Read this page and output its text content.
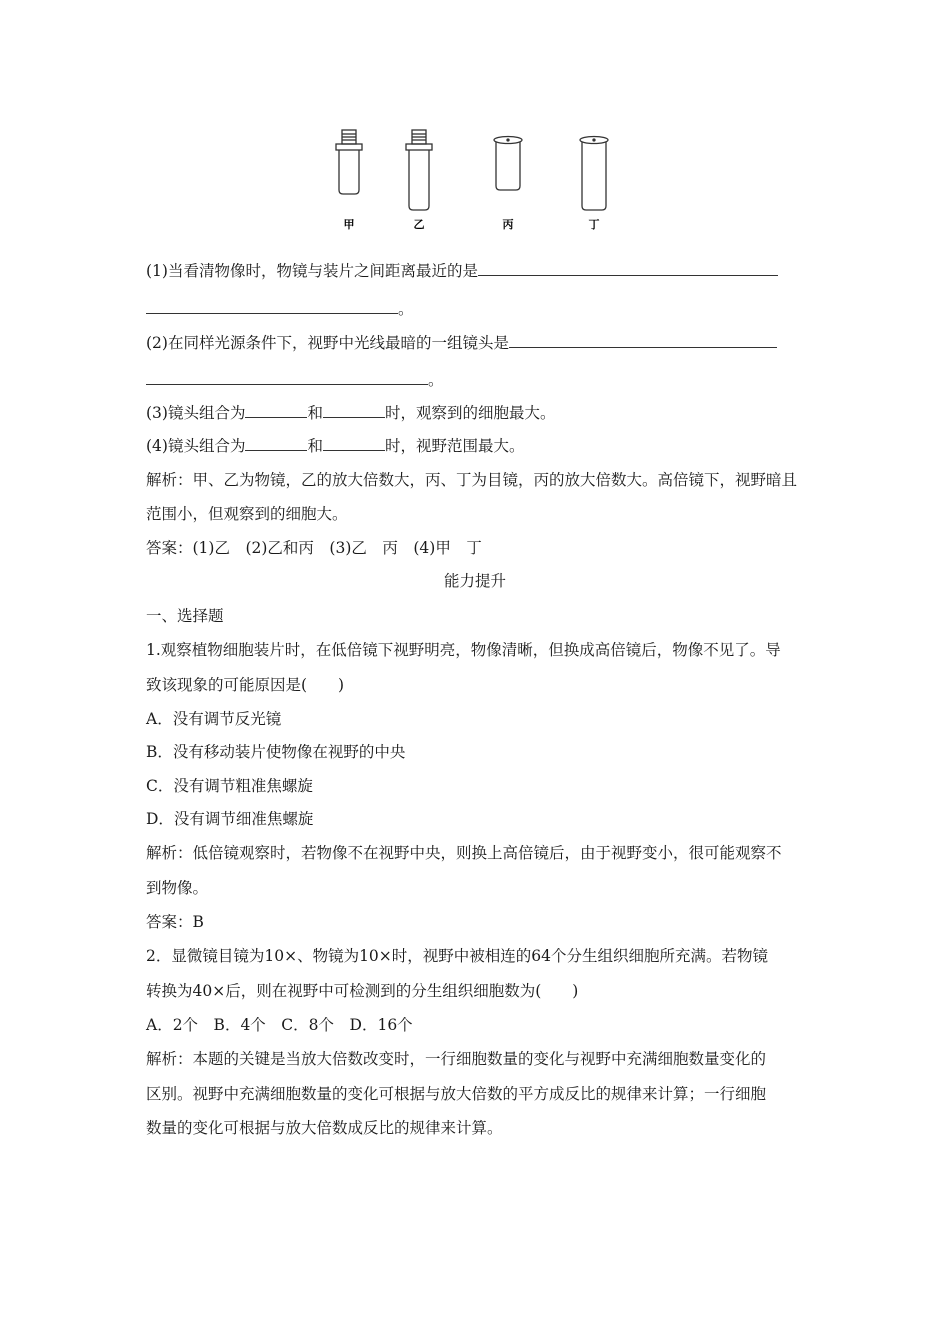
甲	乙	丙	丁
(1)当看清物像时，物镜与装片之间距离最近的是
。
(2)在同样光源条件下，视野中光线最暗的一组镜头是
。
(3)镜头组合为	和	时，观察到的细胞最大。
(4)镜头组合为	和	时，视野范围最大。
解析：甲、乙为物镜，乙的放大倍数大，丙、丁为目镜，丙的放大倍数大。高倍镜下，视野暗且
范围小，但观察到的细胞大。
答案：(1)乙　(2)乙和丙　(3)乙　丙　(4)甲　丁
能力提升
一、选择题
1.观察植物细胞装片时，在低倍镜下视野明亮，物像清晰，但换成高倍镜后，物像不见了。导
致该现象的可能原因是(　　)
A．没有调节反光镜
B．没有移动装片使物像在视野的中央
C．没有调节粗准焦螺旋
D．没有调节细准焦螺旋
解析：低倍镜观察时，若物像不在视野中央，则换上高倍镜后，由于视野变小，很可能观察不
到物像。
答案：B
2．显微镜目镜为10×、物镜为10×时，视野中被相连的64个分生组织细胞所充满。若物镜
转换为40×后，则在视野中可检测到的分生组织细胞数为(　　)
A．2个　B．4个　C．8个　D．16个
解析：本题的关键是当放大倍数改变时，一行细胞数量的变化与视野中充满细胞数量变化的
区别。视野中充满细胞数量的变化可根据与放大倍数的平方成反比的规律来计算；一行细胞
数量的变化可根据与放大倍数成反比的规律来计算。
